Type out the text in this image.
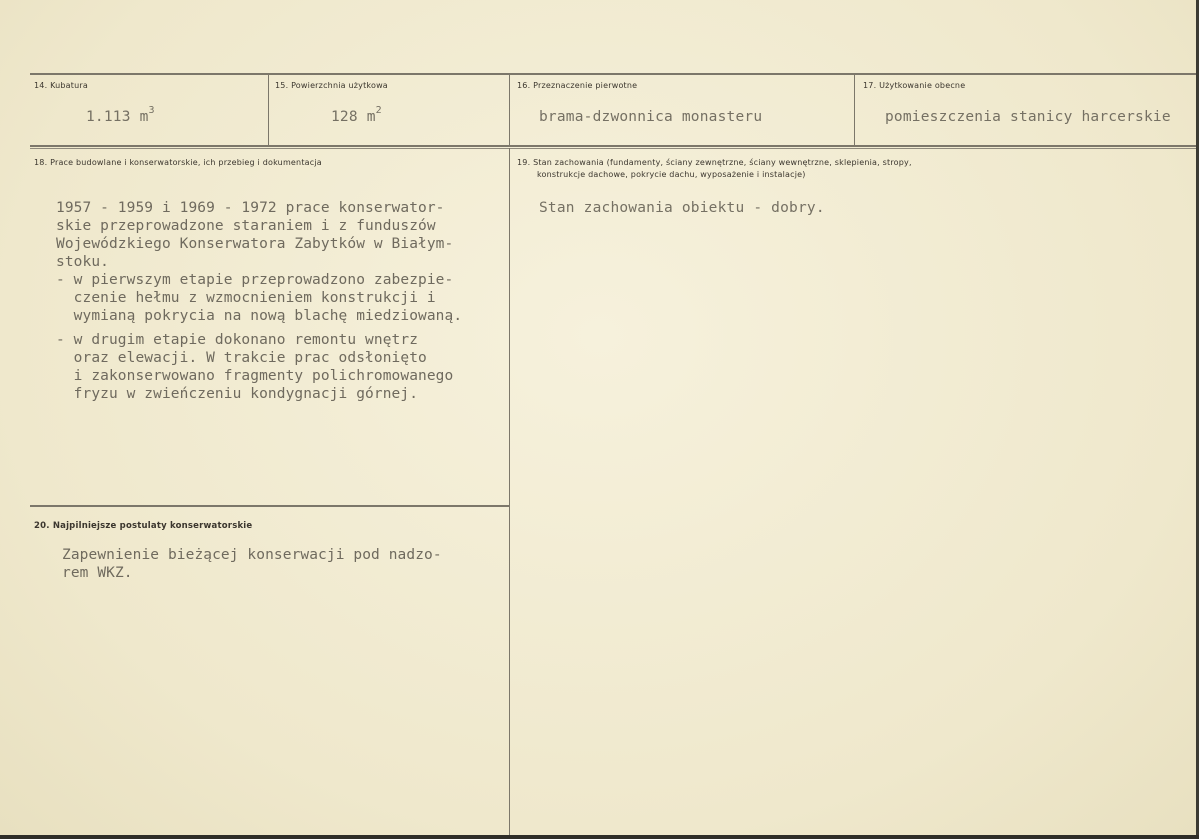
14. Kubatura
1.113 $m^3$
15. Powierzchnia użytkowa
128 $m^2$
16. Przeznaczenie pierwotne
brama-dzwonnica monasteru
17. Użytkowanie obecne
pomieszczenia stanicy harcerskie
18. Prace budowlane i konserwatorskie, ich przebieg i dokumentacja
1957 - 1959 i 1969 - 1972 prace konserwator-
skie przeprowadzone staraniem i z funduszów
Wojewódzkiego Konserwatora Zabytków w Białym-
stoku.
- w pierwszym etapie przeprowadzono zabezpie-
czenie hełmu z wzmocnieniem konstrukcji i
wymianą pokrycia na nową blachę miedziowaną.
- w drugim etapie dokonano remontu wnętrz
oraz elewacji. W trakcie prac odsłonięto
i zakonserwowano fragmenty polichromowanego
fryzu w zwieńczeniu kondygnacji górnej.
19. Stan zachowania (fundamenty, ściany zewnętrzne, ściany wewnętrzne, sklepienia, stropy,
konstrukcje dachowe, pokrycie dachu, wyposażenie i instalacje)
Stan zachowania obiektu - dobry.
20. Najpilniejsze postulaty konserwatorskie
Zapewnienie bieżącej konserwacji pod nadzo-
rem WKZ.
